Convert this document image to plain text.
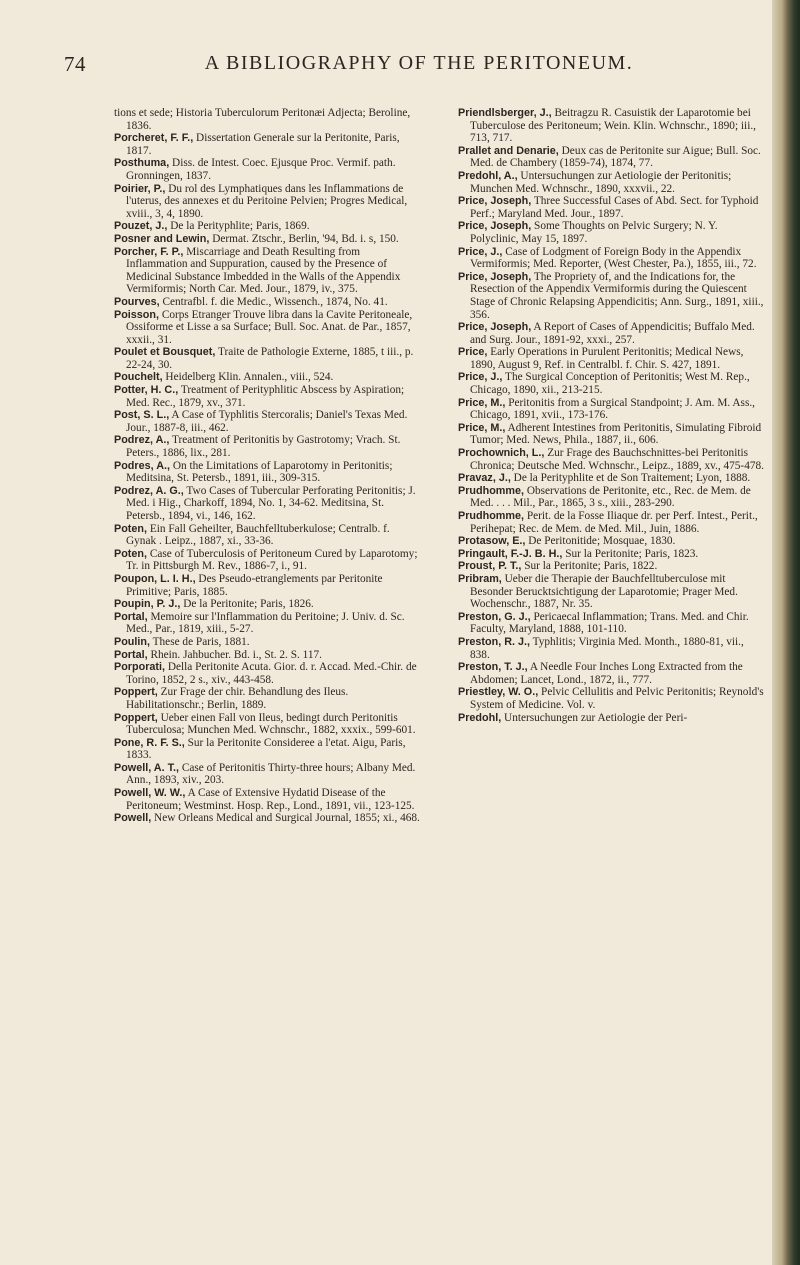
74	A BIBLIOGRAPHY OF THE PERITONEUM.

tions et sede; Historia Tuberculorum Peritonæi Adjecta; Beroline, 1836.

Porcheret, F. F., Dissertation Generale sur la Peritonite, Paris, 1817.

Posthuma, Diss. de Intest. Coec. Ejusque Proc. Vermif. path. Gronningen, 1837.

Poirier, P., Du rol des Lymphatiques dans les Inflammations de l'uterus, des annexes et du Peritoine Pelvien; Progres Medical, xviii., 3, 4, 1890.

Pouzet, J., De la Perityphlite; Paris, 1869.

Posner and Lewin, Dermat. Ztschr., Berlin, '94, Bd. i. s, 150.

Porcher, F. P., Miscarriage and Death Resulting from Inflammation and Suppuration, caused by the Presence of Medicinal Substance Imbedded in the Walls of the Appendix Vermiformis; North Car. Med. Jour., 1879, iv., 375.

Pourves, Centrafbl. f. die Medic., Wissench., 1874, No. 41.

Poisson, Corps Etranger Trouve libra dans la Cavite Peritoneale, Ossiforme et Lisse a sa Surface; Bull. Soc. Anat. de Par., 1857, xxxii., 31.

Poulet et Bousquet, Traite de Pathologie Externe, 1885, t iii., p. 22-24, 30.

Pouchelt, Heidelberg Klin. Annalen., viii., 524.

Potter, H. C., Treatment of Perityphlitic Abscess by Aspiration; Med. Rec., 1879, xv., 371.

Post, S. L., A Case of Typhlitis Stercoralis; Daniel's Texas Med. Jour., 1887-8, iii., 462.

Podrez, A., Treatment of Peritonitis by Gastrotomy; Vrach. St. Peters., 1886, lix., 281.

Podres, A., On the Limitations of Laparotomy in Peritonitis; Meditsina, St. Petersb., 1891, iii., 309-315.

Podrez, A. G., Two Cases of Tubercular Perforating Peritonitis; J. Med. i Hig., Charkoff, 1894, No. 1, 34-62. Meditsina, St. Petersb., 1894, vi., 146, 162.

Poten, Ein Fall Geheilter, Bauchfelltuberkulose; Centralb. f. Gynak . Leipz., 1887, xi., 33-36.

Poten, Case of Tuberculosis of Peritoneum Cured by Laparotomy; Tr. in Pittsburgh M. Rev., 1886-7, i., 91.

Poupon, L. I. H., Des Pseudo-etranglements par Peritonite Primitive; Paris, 1885.

Poupin, P. J., De la Peritonite; Paris, 1826.

Portal, Memoire sur l'Inflammation du Peritoine; J. Univ. d. Sc. Med., Par., 1819, xiii., 5-27.

Poulin, These de Paris, 1881.

Portal, Rhein. Jahbucher. Bd. i., St. 2. S. 117.

Porporati, Della Peritonite Acuta. Gior. d. r. Accad. Med.-Chir. de Torino, 1852, 2 s., xiv., 443-458.

Poppert, Zur Frage der chir. Behandlung des Ileus. Habilitationschr.; Berlin, 1889.

Poppert, Ueber einen Fall von Ileus, bedingt durch Peritonitis Tuberculosa; Munchen Med. Wchnschr., 1882, xxxix., 599-601.

Pone, R. F. S., Sur la Peritonite Consideree a l'etat. Aigu, Paris, 1833.

Powell, A. T., Case of Peritonitis Thirty-three hours; Albany Med. Ann., 1893, xiv., 203.

Powell, W. W., A Case of Extensive Hydatid Disease of the Peritoneum; Westminst. Hosp. Rep., Lond., 1891, vii., 123-125.

Powell, New Orleans Medical and Surgical Journal, 1855; xi., 468.

Priendlsberger, J., Beitragzu R. Casuistik der Laparotomie bei Tuberculose des Peritoneum; Wein. Klin. Wchnschr., 1890; iii., 713, 717.

Prallet and Denarie, Deux cas de Peritonite sur Aigue; Bull. Soc. Med. de Chambery (1859-74), 1874, 77.

Predohl, A., Untersuchungen zur Aetiologie der Peritonitis; Munchen Med. Wchnschr., 1890, xxxvii., 22.

Price, Joseph, Three Successful Cases of Abd. Sect. for Typhoid Perf.; Maryland Med. Jour., 1897.

Price, Joseph, Some Thoughts on Pelvic Surgery; N. Y. Polyclinic, May 15, 1897.

Price, J., Case of Lodgment of Foreign Body in the Appendix Vermiformis; Med. Reporter, (West Chester, Pa.), 1855, iii., 72.

Price, Joseph, The Propriety of, and the Indications for, the Resection of the Appendix Vermiformis during the Quiescent Stage of Chronic Relapsing Appendicitis; Ann. Surg., 1891, xiii., 356.

Price, Joseph, A Report of Cases of Appendicitis; Buffalo Med. and Surg. Jour., 1891-92, xxxi., 257.

Price, Early Operations in Purulent Peritonitis; Medical News, 1890, August 9, Ref. in Centralbl. f. Chir. S. 427, 1891.

Price, J., The Surgical Conception of Peritonitis; West M. Rep., Chicago, 1890, xii., 213-215.

Price, M., Peritonitis from a Surgical Standpoint; J. Am. M. Ass., Chicago, 1891, xvii., 173-176.

Price, M., Adherent Intestines from Peritonitis, Simulating Fibroid Tumor; Med. News, Phila., 1887, ii., 606.

Prochownich, L., Zur Frage des Bauchschnittes-bei Peritonitis Chronica; Deutsche Med. Wchnschr., Leipz., 1889, xv., 475-478.

Pravaz, J., De la Perityphlite et de Son Traitement; Lyon, 1888.

Prudhomme, Observations de Peritonite, etc., Rec. de Mem. de Med. . . . Mil., Par., 1865, 3 s., xiii., 283-290.

Prudhomme, Perit. de la Fosse Iliaque dr. per Perf. Intest., Perit., Perihepat; Rec. de Mem. de Med. Mil., Juin, 1886.

Protasow, E., De Peritonitide; Mosquae, 1830.

Pringault, F.-J. B. H., Sur la Peritonite; Paris, 1823.

Proust, P. T., Sur la Peritonite; Paris, 1822.

Pribram, Ueber die Therapie der Bauchfelltuberculose mit Besonder Berucktsichtigung der Laparotomie; Prager Med. Wochenschr., 1887, Nr. 35.

Preston, G. J., Pericaecal Inflammation; Trans. Med. and Chir. Faculty, Maryland, 1888, 101-110.

Preston, R. J., Typhlitis; Virginia Med. Month., 1880-81, vii., 838.

Preston, T. J., A Needle Four Inches Long Extracted from the Abdomen; Lancet, Lond., 1872, ii., 777.

Priestley, W. O., Pelvic Cellulitis and Pelvic Peritonitis; Reynold's System of Medicine. Vol. v.

Predohl, Untersuchungen zur Aetiologie der Peri-
